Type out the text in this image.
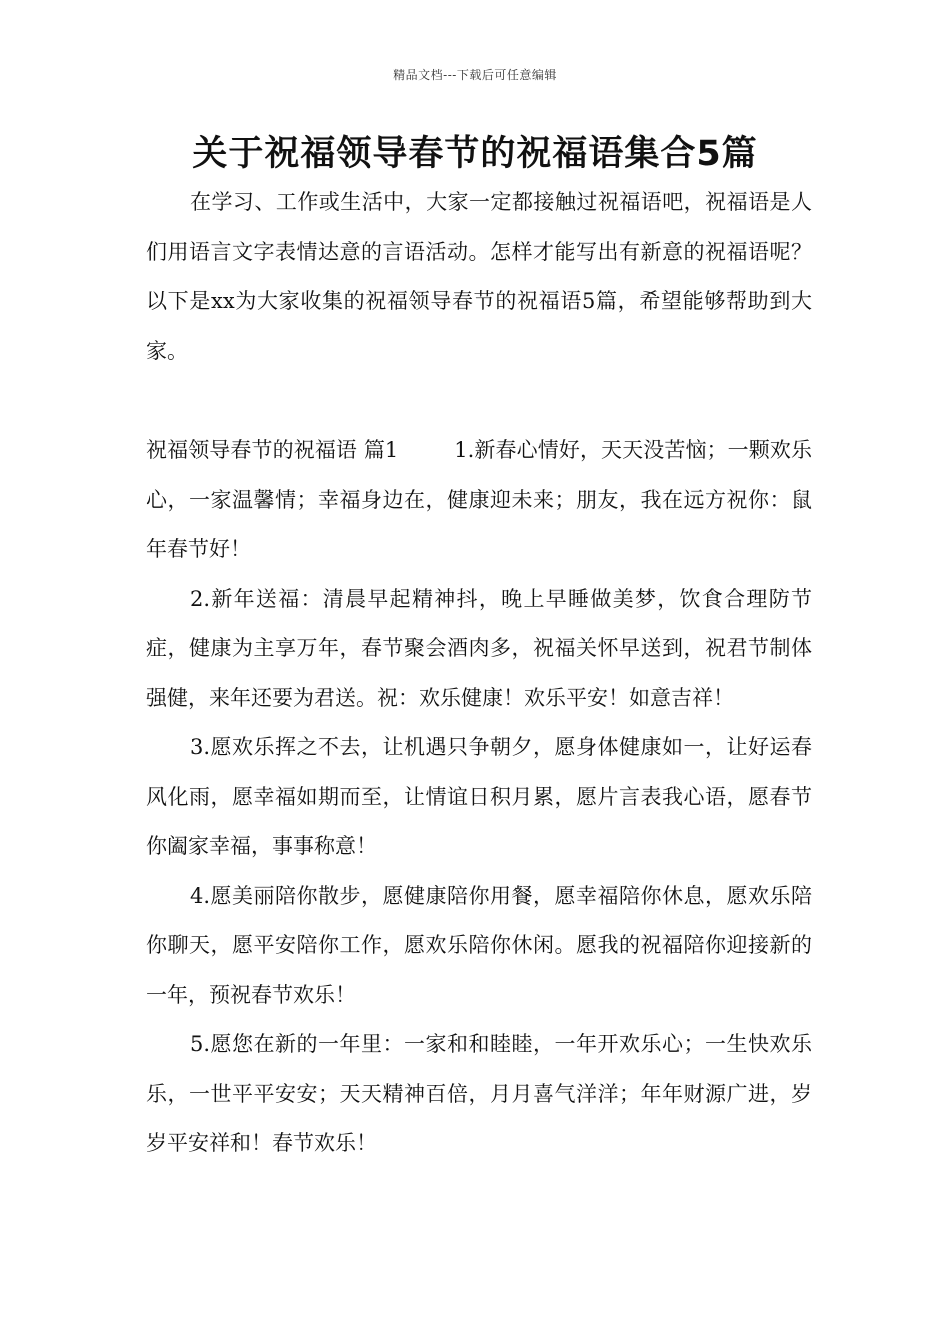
精品文档---下载后可任意编辑
关于祝福领导春节的祝福语集合5篇

在学习、工作或生活中，大家一定都接触过祝福语吧，祝福语是人们用语言文字表情达意的言语活动。怎样才能写出有新意的祝福语呢？以下是xx为大家收集的祝福领导春节的祝福语5篇，希望能够帮助到大家。

祝福领导春节的祝福语 篇1	1.新春心情好，天天没苦恼；一颗欢乐心，一家温馨情；幸福身边在，健康迎未来；朋友，我在远方祝你：鼠年春节好！

2.新年送福：清晨早起精神抖，晚上早睡做美梦，饮食合理防节症，健康为主享万年，春节聚会酒肉多，祝福关怀早送到，祝君节制体强健，来年还要为君送。祝：欢乐健康！欢乐平安！如意吉祥！

3.愿欢乐挥之不去，让机遇只争朝夕，愿身体健康如一，让好运春风化雨，愿幸福如期而至，让情谊日积月累，愿片言表我心语，愿春节你阖家幸福，事事称意！

4.愿美丽陪你散步，愿健康陪你用餐，愿幸福陪你休息，愿欢乐陪你聊天，愿平安陪你工作，愿欢乐陪你休闲。愿我的祝福陪你迎接新的一年，预祝春节欢乐！

5.愿您在新的一年里：一家和和睦睦，一年开欢乐心；一生快欢乐乐，一世平平安安；天天精神百倍，月月喜气洋洋；年年财源广进，岁岁平安祥和！春节欢乐！
